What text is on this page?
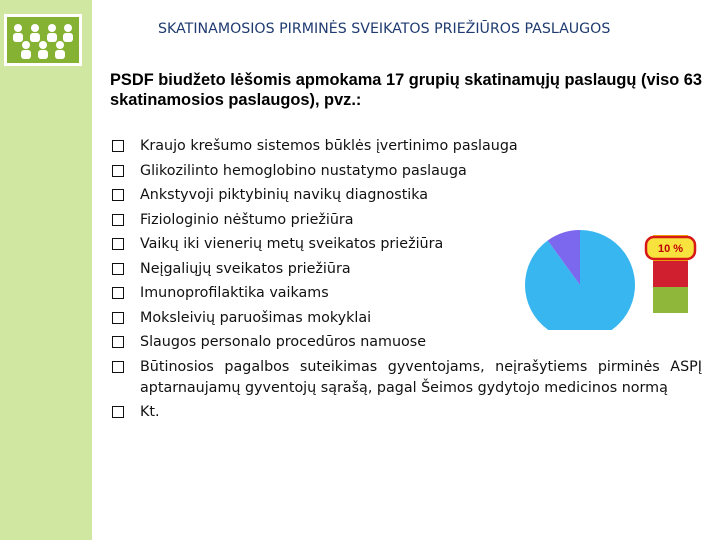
SKATINAMOSIOS PIRMINĖS SVEIKATOS PRIEŽIŪROS PASLAUGOS
PSDF biudžeto lėšomis apmokama 17 grupių skatinamųjų paslaugų (viso 63 skatinamosios paslaugos), pvz.:
Kraujo krešumo sistemos būklės įvertinimo paslauga
Glikozilinto hemoglobino nustatymo paslauga
Ankstyvoji piktybinių navikų diagnostika
Fiziologinio nėštumo priežiūra
Vaikų iki vienerių metų sveikatos priežiūra
Neįgaliųjų sveikatos priežiūra
Imunoprofilaktika vaikams
Moksleivių paruošimas mokyklai
Slaugos personalo procedūros namuose
Būtinosios pagalbos suteikimas gyventojams, neįrašytiems pirminės ASPĮ aptarnaujamų gyventojų sąrašą, pagal Šeimos gydytojo medicinos normą
Kt.
10 %
